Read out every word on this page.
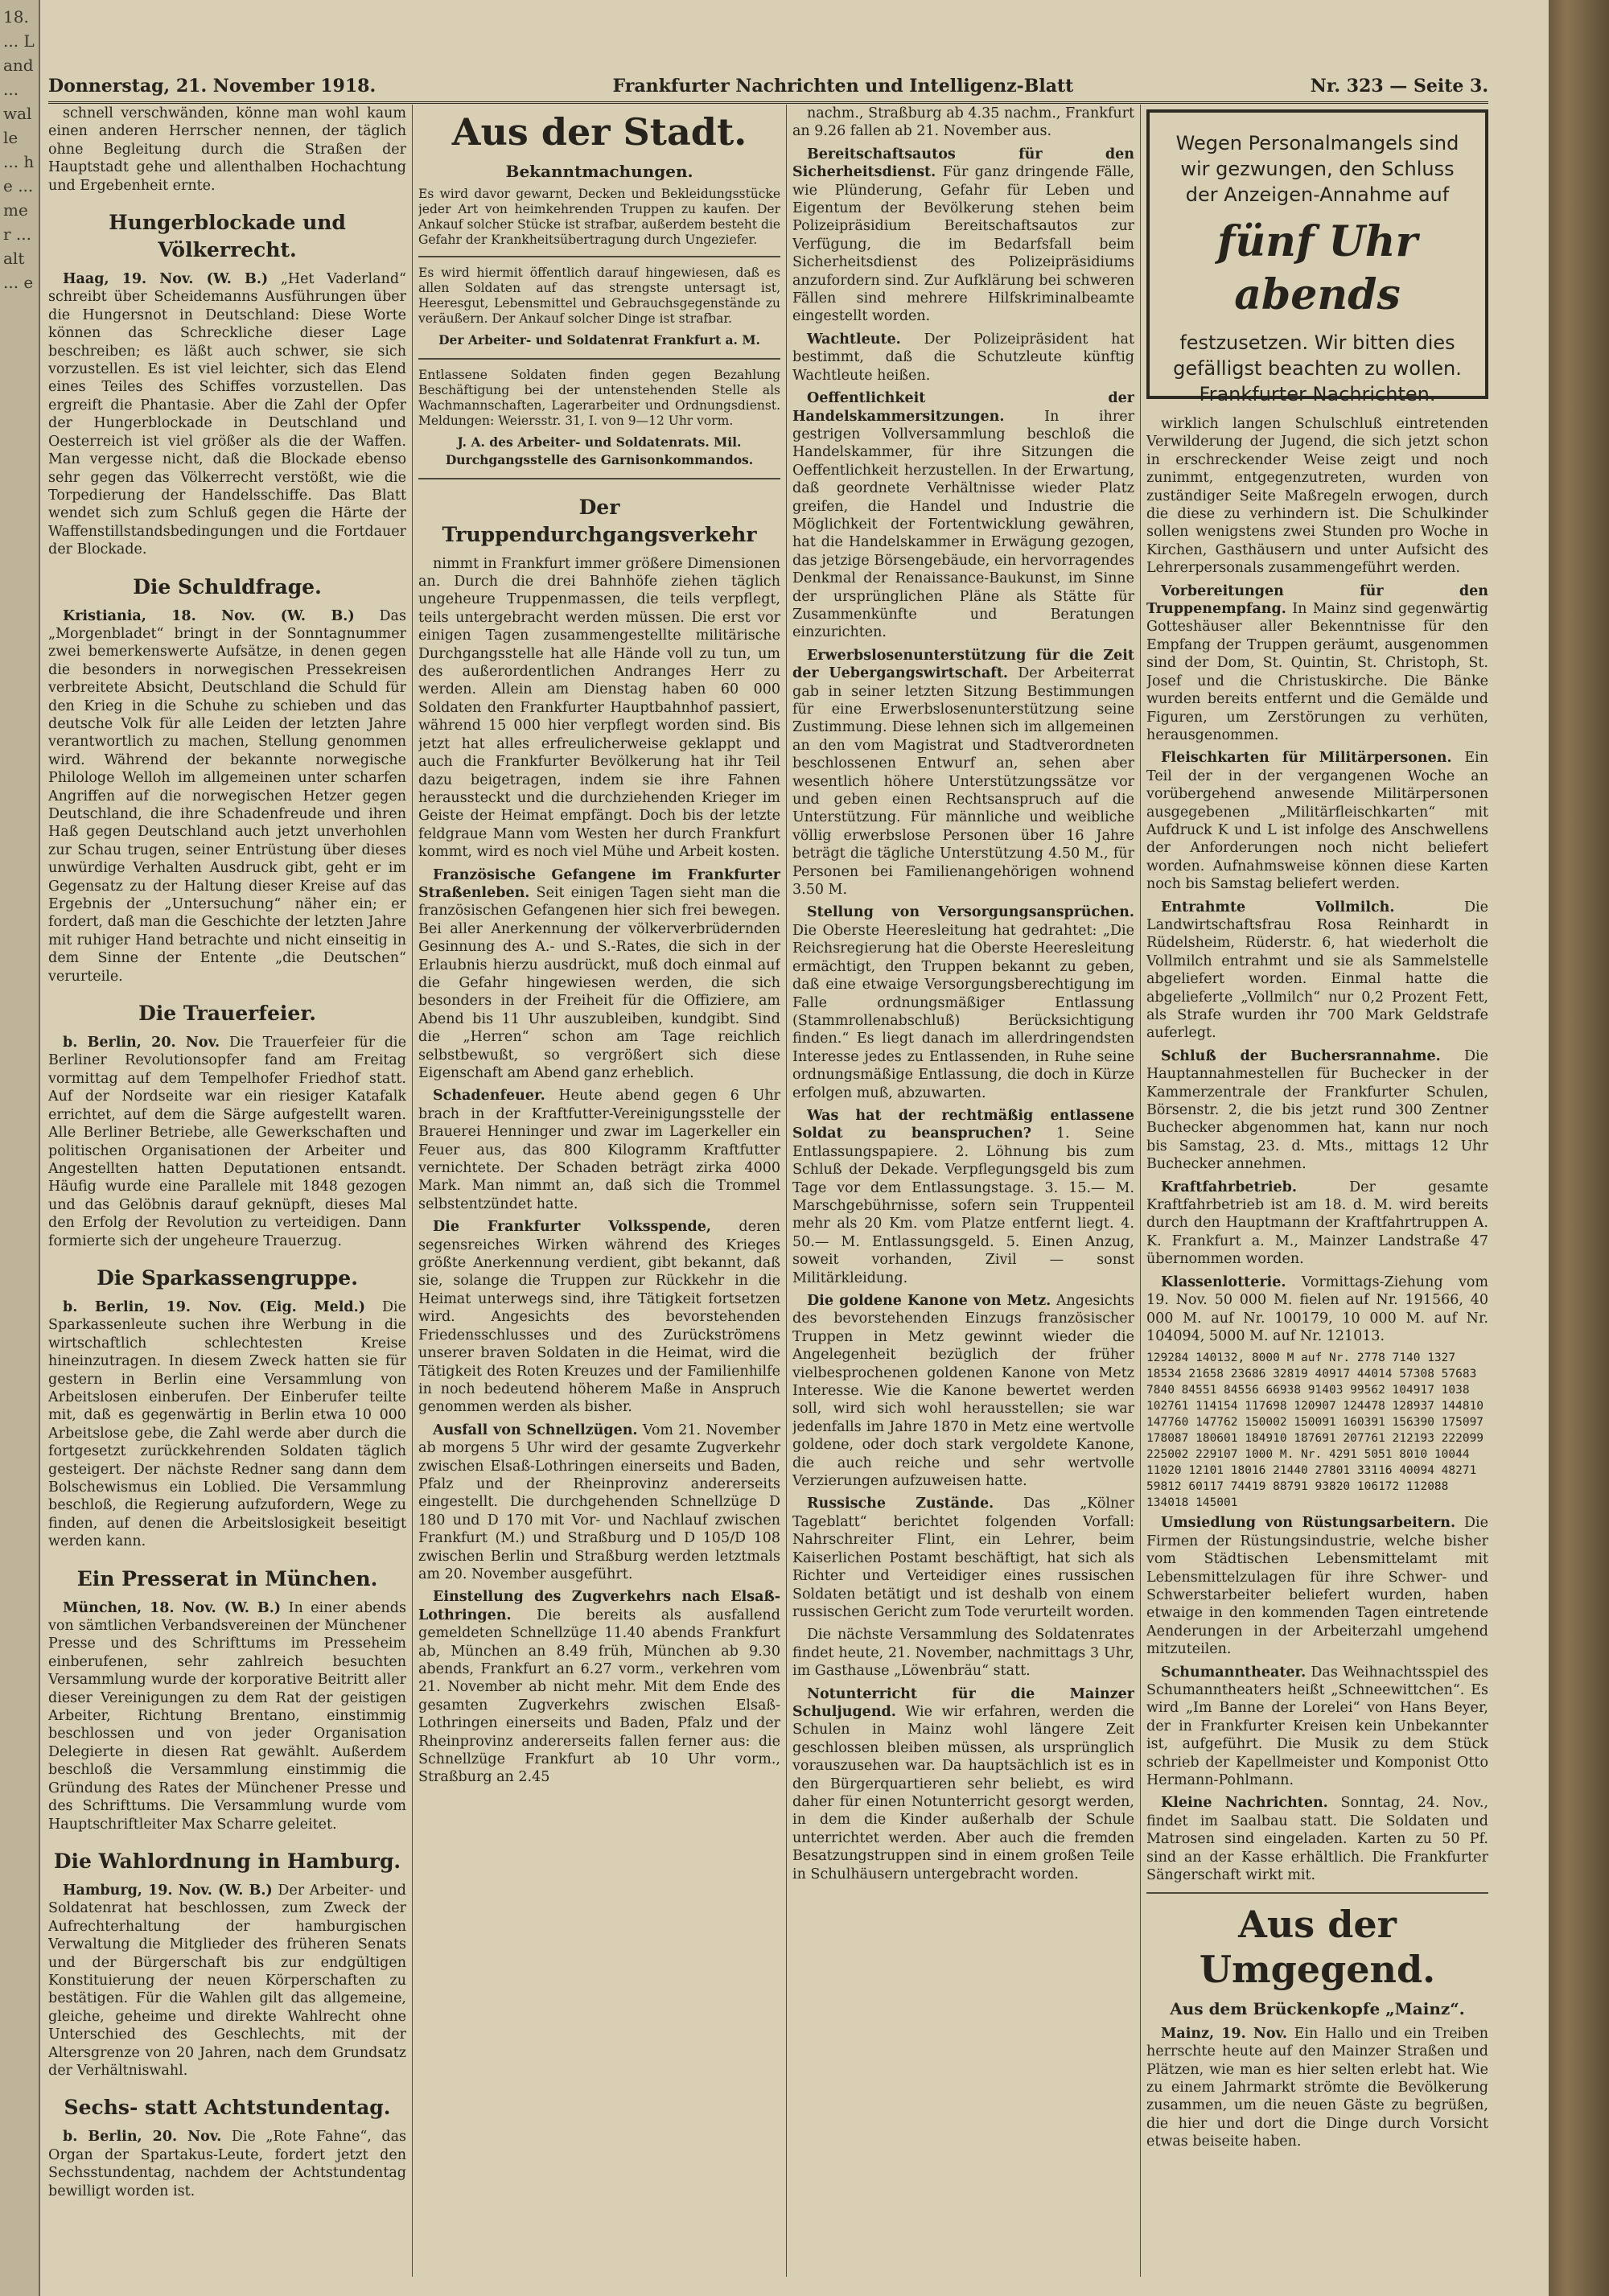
18. ... Land ... walle ... he ... mer ... alt ... e
Donnerstag, 21. November 1918.	Frankfurter Nachrichten und Intelligenz-Blatt	Nr. 323 — Seite 3.

schnell verschwänden, könne man wohl kaum einen anderen Herrscher nennen, der täglich ohne Begleitung durch die Straßen der Hauptstadt gehe und allenthalben Hochachtung und Ergebenheit ernte.

Hungerblockade und Völkerrecht.

Haag, 19. Nov. (W. B.) „Het Vaderland“ schreibt über Scheidemanns Ausführungen über die Hungersnot in Deutschland: Diese Worte können das Schreckliche dieser Lage beschreiben; es läßt auch schwer, sie sich vorzustellen. Es ist viel leichter, sich das Elend eines Teiles des Schiffes vorzustellen. Das ergreift die Phantasie. Aber die Zahl der Opfer der Hungerblockade in Deutschland und Oesterreich ist viel größer als die der Waffen. Man vergesse nicht, daß die Blockade ebenso sehr gegen das Völkerrecht verstößt, wie die Torpedierung der Handelsschiffe. Das Blatt wendet sich zum Schluß gegen die Härte der Waffenstillstandsbedingungen und die Fortdauer der Blockade.

Die Schuldfrage.

Kristiania, 18. Nov. (W. B.) Das „Morgenbladet“ bringt in der Sonntagnummer zwei bemerkenswerte Aufsätze, in denen gegen die besonders in norwegischen Pressekreisen verbreitete Absicht, Deutschland die Schuld für den Krieg in die Schuhe zu schieben und das deutsche Volk für alle Leiden der letzten Jahre verantwortlich zu machen, Stellung genommen wird. Während der bekannte norwegische Philologe Welloh im allgemeinen unter scharfen Angriffen auf die norwegischen Hetzer gegen Deutschland, die ihre Schadenfreude und ihren Haß gegen Deutschland auch jetzt unverhohlen zur Schau trugen, seiner Entrüstung über dieses unwürdige Verhalten Ausdruck gibt, geht er im Gegensatz zu der Haltung dieser Kreise auf das Ergebnis der „Untersuchung“ näher ein; er fordert, daß man die Geschichte der letzten Jahre mit ruhiger Hand betrachte und nicht einseitig in dem Sinne der Entente „die Deutschen“ verurteile.

Die Trauerfeier.

b. Berlin, 20. Nov. Die Trauerfeier für die Berliner Revolutionsopfer fand am Freitag vormittag auf dem Tempelhofer Friedhof statt. Auf der Nordseite war ein riesiger Katafalk errichtet, auf dem die Särge aufgestellt waren. Alle Berliner Betriebe, alle Gewerkschaften und politischen Organisationen der Arbeiter und Angestellten hatten Deputationen entsandt. Häufig wurde eine Parallele mit 1848 gezogen und das Gelöbnis darauf geknüpft, dieses Mal den Erfolg der Revolution zu verteidigen. Dann formierte sich der ungeheure Trauerzug.

Die Sparkassengruppe.

b. Berlin, 19. Nov. (Eig. Meld.) Die Sparkassenleute suchen ihre Werbung in die wirtschaftlich schlechtesten Kreise hineinzutragen. In diesem Zweck hatten sie für gestern in Berlin eine Versammlung von Arbeitslosen einberufen. Der Einberufer teilte mit, daß es gegenwärtig in Berlin etwa 10 000 Arbeitslose gebe, die Zahl werde aber durch die fortgesetzt zurückkehrenden Soldaten täglich gesteigert. Der nächste Redner sang dann dem Bolschewismus ein Loblied. Die Versammlung beschloß, die Regierung aufzufordern, Wege zu finden, auf denen die Arbeitslosigkeit beseitigt werden kann.

Ein Presserat in München.

München, 18. Nov. (W. B.) In einer abends von sämtlichen Verbandsvereinen der Münchener Presse und des Schrifttums im Presseheim einberufenen, sehr zahlreich besuchten Versammlung wurde der korporative Beitritt aller dieser Vereinigungen zu dem Rat der geistigen Arbeiter, Richtung Brentano, einstimmig beschlossen und von jeder Organisation Delegierte in diesen Rat gewählt. Außerdem beschloß die Versammlung einstimmig die Gründung des Rates der Münchener Presse und des Schrifttums. Die Versammlung wurde vom Hauptschriftleiter Max Scharre geleitet.

Die Wahlordnung in Hamburg.

Hamburg, 19. Nov. (W. B.) Der Arbeiter- und Soldatenrat hat beschlossen, zum Zweck der Aufrechterhaltung der hamburgischen Verwaltung die Mitglieder des früheren Senats und der Bürgerschaft bis zur endgültigen Konstituierung der neuen Körperschaften zu bestätigen. Für die Wahlen gilt das allgemeine, gleiche, geheime und direkte Wahlrecht ohne Unterschied des Geschlechts, mit der Altersgrenze von 20 Jahren, nach dem Grundsatz der Verhältniswahl.

Sechs- statt Achtstundentag.

b. Berlin, 20. Nov. Die „Rote Fahne“, das Organ der Spartakus-Leute, fordert jetzt den Sechsstundentag, nachdem der Achtstundentag bewilligt worden ist.

Aus der Stadt.
Bekanntmachungen.
Es wird davor gewarnt, Decken und Bekleidungsstücke jeder Art von heimkehrenden Truppen zu kaufen. Der Ankauf solcher Stücke ist strafbar, außerdem besteht die Gefahr der Krankheitsübertragung durch Ungeziefer.
Es wird hiermit öffentlich darauf hingewiesen, daß es allen Soldaten auf das strengste untersagt ist, Heeresgut, Lebensmittel und Gebrauchsgegenstände zu veräußern. Der Ankauf solcher Dinge ist strafbar.
Der Arbeiter- und Soldatenrat Frankfurt a. M.
Entlassene Soldaten finden gegen Bezahlung Beschäftigung bei der untenstehenden Stelle als Wachmannschaften, Lagerarbeiter und Ordnungsdienst. Meldungen: Weiersstr. 31, I. von 9—12 Uhr vorm.
J. A. des Arbeiter- und Soldatenrats. Mil. Durchgangsstelle des Garnisonkommandos.
Der Truppendurchgangsverkehr

nimmt in Frankfurt immer größere Dimensionen an. Durch die drei Bahnhöfe ziehen täglich ungeheure Truppenmassen, die teils verpflegt, teils untergebracht werden müssen. Die erst vor einigen Tagen zusammengestellte militärische Durchgangsstelle hat alle Hände voll zu tun, um des außerordentlichen Andranges Herr zu werden. Allein am Dienstag haben 60 000 Soldaten den Frankfurter Hauptbahnhof passiert, während 15 000 hier verpflegt worden sind. Bis jetzt hat alles erfreulicherweise geklappt und auch die Frankfurter Bevölkerung hat ihr Teil dazu beigetragen, indem sie ihre Fahnen heraussteckt und die durchziehenden Krieger im Geiste der Heimat empfängt. Doch bis der letzte feldgraue Mann vom Westen her durch Frankfurt kommt, wird es noch viel Mühe und Arbeit kosten.

Französische Gefangene im Frankfurter Straßenleben. Seit einigen Tagen sieht man die französischen Gefangenen hier sich frei bewegen. Bei aller Anerkennung der völkerverbrüdernden Gesinnung des A.- und S.-Rates, die sich in der Erlaubnis hierzu ausdrückt, muß doch einmal auf die Gefahr hingewiesen werden, die sich besonders in der Freiheit für die Offiziere, am Abend bis 11 Uhr auszubleiben, kundgibt. Sind die „Herren“ schon am Tage reichlich selbstbewußt, so vergrößert sich diese Eigenschaft am Abend ganz erheblich.

Schadenfeuer. Heute abend gegen 6 Uhr brach in der Kraftfutter-Vereinigungsstelle der Brauerei Henninger und zwar im Lagerkeller ein Feuer aus, das 800 Kilogramm Kraftfutter vernichtete. Der Schaden beträgt zirka 4000 Mark. Man nimmt an, daß sich die Trommel selbstentzündet hatte.

Die Frankfurter Volksspende, deren segensreiches Wirken während des Krieges größte Anerkennung verdient, gibt bekannt, daß sie, solange die Truppen zur Rückkehr in die Heimat unterwegs sind, ihre Tätigkeit fortsetzen wird. Angesichts des bevorstehenden Friedensschlusses und des Zurückströmens unserer braven Soldaten in die Heimat, wird die Tätigkeit des Roten Kreuzes und der Familienhilfe in noch bedeutend höherem Maße in Anspruch genommen werden als bisher.

Ausfall von Schnellzügen. Vom 21. November ab morgens 5 Uhr wird der gesamte Zugverkehr zwischen Elsaß-Lothringen einerseits und Baden, Pfalz und der Rheinprovinz andererseits eingestellt. Die durchgehenden Schnellzüge D 180 und D 170 mit Vor- und Nachlauf zwischen Frankfurt (M.) und Straßburg und D 105/D 108 zwischen Berlin und Straßburg werden letztmals am 20. November ausgeführt.

Einstellung des Zugverkehrs nach Elsaß-Lothringen. Die bereits als ausfallend gemeldeten Schnellzüge 11.40 abends Frankfurt ab, München an 8.49 früh, München ab 9.30 abends, Frankfurt an 6.27 vorm., verkehren vom 21. November ab nicht mehr. Mit dem Ende des gesamten Zugverkehrs zwischen Elsaß-Lothringen einerseits und Baden, Pfalz und der Rheinprovinz andererseits fallen ferner aus: die Schnellzüge Frankfurt ab 10 Uhr vorm., Straßburg an 2.45

nachm., Straßburg ab 4.35 nachm., Frankfurt an 9.26 fallen ab 21. November aus.

Bereitschaftsautos für den Sicherheitsdienst. Für ganz dringende Fälle, wie Plünderung, Gefahr für Leben und Eigentum der Bevölkerung stehen beim Polizeipräsidium Bereitschaftsautos zur Verfügung, die im Bedarfsfall beim Sicherheitsdienst des Polizeipräsidiums anzufordern sind. Zur Aufklärung bei schweren Fällen sind mehrere Hilfskriminalbeamte eingestellt worden.

Wachtleute. Der Polizeipräsident hat bestimmt, daß die Schutzleute künftig Wachtleute heißen.

Oeffentlichkeit der Handelskammersitzungen.	In ihrer gestrigen Vollversammlung beschloß die Handelskammer, für ihre Sitzungen die Oeffentlichkeit herzustellen. In der Erwartung, daß geordnete Verhältnisse wieder Platz greifen, die Handel und Industrie die Möglichkeit der Fortentwicklung gewähren, hat die Handelskammer in Erwägung gezogen, das jetzige Börsengebäude, ein hervorragendes Denkmal der Renaissance-Baukunst, im Sinne der ursprünglichen Pläne als Stätte für Zusammenkünfte und Beratungen einzurichten.

Erwerbslosenunterstützung für die Zeit der Uebergangswirtschaft. Der Arbeiterrat gab in seiner letzten Sitzung Bestimmungen für eine Erwerbslosenunterstützung seine Zustimmung. Diese lehnen sich im allgemeinen an den vom Magistrat und Stadtverordneten beschlossenen Entwurf an, sehen aber wesentlich höhere Unterstützungssätze vor und geben einen Rechtsanspruch auf die Unterstützung. Für männliche und weibliche völlig erwerbslose Personen über 16 Jahre beträgt die tägliche Unterstützung 4.50 M., für Personen bei Familienangehörigen wohnend 3.50 M.

Stellung von Versorgungsansprüchen. Die Oberste Heeresleitung hat gedrahtet: „Die Reichsregierung hat die Oberste Heeresleitung ermächtigt, den Truppen bekannt zu geben, daß eine etwaige Versorgungsberechtigung im Falle ordnungsmäßiger Entlassung (Stammrollenabschluß) Berücksichtigung finden.“ Es liegt danach im allerdringendsten Interesse jedes zu Entlassenden, in Ruhe seine ordnungsmäßige Entlassung, die doch in Kürze erfolgen muß, abzuwarten.

Was hat der rechtmäßig entlassene Soldat zu beanspruchen? 1. Seine Entlassungspapiere. 2. Löhnung bis zum Schluß der Dekade. Verpflegungsgeld bis zum Tage vor dem Entlassungstage. 3. 15.— M. Marschgebührnisse, sofern sein Truppenteil mehr als 20 Km. vom Platze entfernt liegt. 4. 50.— M. Entlassungsgeld. 5. Einen Anzug, soweit vorhanden, Zivil — sonst Militärkleidung.

Die goldene Kanone von Metz. Angesichts des bevorstehenden Einzugs französischer Truppen in Metz gewinnt wieder die Angelegenheit bezüglich der früher vielbesprochenen goldenen Kanone von Metz Interesse. Wie die Kanone bewertet werden soll, wird sich wohl herausstellen; sie war jedenfalls im Jahre 1870 in Metz eine wertvolle goldene, oder doch stark vergoldete Kanone, die auch reiche und sehr wertvolle Verzierungen aufzuweisen hatte.

Russische Zustände. Das „Kölner Tageblatt“ berichtet folgenden Vorfall: Nahrschreiter Flint, ein Lehrer, beim Kaiserlichen Postamt beschäftigt, hat sich als Richter und Verteidiger eines russischen Soldaten betätigt und ist deshalb von einem russischen Gericht zum Tode verurteilt worden.

Die nächste Versammlung des Soldatenrates findet heute, 21. November, nachmittags 3 Uhr, im Gasthause „Löwenbräu“ statt.

Notunterricht für die Mainzer Schuljugend. Wie wir erfahren, werden die Schulen in Mainz wohl längere Zeit geschlossen bleiben müssen, als ursprünglich vorauszusehen war. Da hauptsächlich ist es in den Bürgerquartieren sehr beliebt, es wird daher für einen Notunterricht gesorgt werden, in dem die Kinder außerhalb der Schule unterrichtet werden. Aber auch die fremden Besatzungstruppen sind in einem großen Teile in Schulhäusern untergebracht worden.

Wegen Personalmangels sind
wir gezwungen, den Schluss
der Anzeigen-Annahme auf
fünf Uhr abends
festzusetzen. Wir bitten dies
gefälligst beachten zu wollen.
Frankfurter Nachrichten.

wirklich langen Schulschluß eintretenden Verwilderung der Jugend, die sich jetzt schon in erschreckender Weise zeigt und noch zunimmt, entgegenzutreten, wurden von zuständiger Seite Maßregeln erwogen, durch die diese zu verhindern ist. Die Schulkinder sollen wenigstens zwei Stunden pro Woche in Kirchen, Gasthäusern und unter Aufsicht des Lehrerpersonals zusammengeführt werden.

Vorbereitungen für den Truppenempfang. In Mainz sind gegenwärtig Gotteshäuser aller Bekenntnisse für den Empfang der Truppen geräumt, ausgenommen sind der Dom, St. Quintin, St. Christoph, St. Josef und die Christuskirche. Die Bänke wurden bereits entfernt und die Gemälde und Figuren, um Zerstörungen zu verhüten, herausgenommen.

Fleischkarten für Militärpersonen. Ein Teil der in der vergangenen Woche an vorübergehend anwesende Militärpersonen ausgegebenen „Militärfleischkarten“ mit Aufdruck K und L ist infolge des Anschwellens der Anforderungen noch nicht beliefert worden. Aufnahmsweise können diese Karten noch bis Samstag beliefert werden.

Entrahmte Vollmilch.	Die Landwirtschaftsfrau Rosa Reinhardt in Rüdelsheim, Rüderstr. 6, hat wiederholt die Vollmilch entrahmt und sie als Sammelstelle abgeliefert worden. Einmal hatte die abgelieferte „Vollmilch“ nur 0,2 Prozent Fett, als Strafe wurden ihr 700 Mark Geldstrafe auferlegt.

Schluß der Buchersrannahme. Die Hauptannahmestellen für Buchecker in der Kammerzentrale der Frankfurter Schulen, Börsenstr. 2, die bis jetzt rund 300 Zentner Buchecker abgenommen hat, kann nur noch bis Samstag, 23. d. Mts., mittags 12 Uhr Buchecker annehmen.

Kraftfahrbetrieb.	Der gesamte Kraftfahrbetrieb ist am 18. d. M. wird bereits durch den Hauptmann der Kraftfahrtruppen A. K. Frankfurt a. M., Mainzer Landstraße 47 übernommen worden.

Klassenlotterie. Vormittags-Ziehung vom 19. Nov. 50 000 M. fielen auf Nr. 191566, 40 000 M. auf Nr. 100179, 10 000 M. auf Nr. 104094, 5000 M. auf Nr. 121013.

129284 140132, 8000 M auf Nr. 2778 7140 1327 18534 21658 23686 32819 40917 44014 57308 57683 7840 84551 84556 66938 91403 99562 104917 1038 102761 114154 117698 120907 124478 128937 144810 147760 147762 150002 150091 160391 156390 175097 178087 180601 184910 187691 207761 212193 222099 225002 229107 1000 M. Nr. 4291 5051 8010 10044 11020 12101 18016 21440 27801 33116 40094 48271 59812 60117 74419 88791 93820 106172 112088 134018 145001

Umsiedlung von Rüstungsarbeitern. Die Firmen der Rüstungsindustrie, welche bisher vom Städtischen Lebensmittelamt mit Lebensmittelzulagen für ihre Schwer- und Schwerstarbeiter beliefert wurden, haben etwaige in den kommenden Tagen eintretende Aenderungen in der Arbeiterzahl umgehend mitzuteilen.

Schumanntheater. Das Weihnachtsspiel des Schumanntheaters heißt „Schneewittchen“. Es wird „Im Banne der Lorelei“ von Hans Beyer, der in Frankfurter Kreisen kein Unbekannter ist, aufgeführt. Die Musik zu dem Stück schrieb der Kapellmeister und Komponist Otto Hermann-Pohlmann.

Kleine Nachrichten. Sonntag, 24. Nov., findet im Saalbau statt. Die Soldaten und Matrosen sind eingeladen. Karten zu 50 Pf. sind an der Kasse erhältlich. Die Frankfurter Sängerschaft wirkt mit.

Aus der Umgegend.
Aus dem Brückenkopfe „Mainz“.

Mainz, 19. Nov. Ein Hallo und ein Treiben herrschte heute auf den Mainzer Straßen und Plätzen, wie man es hier selten erlebt hat. Wie zu einem Jahrmarkt strömte die Bevölkerung zusammen, um die neuen Gäste zu begrüßen, die hier und dort die Dinge durch Vorsicht etwas beiseite haben.
